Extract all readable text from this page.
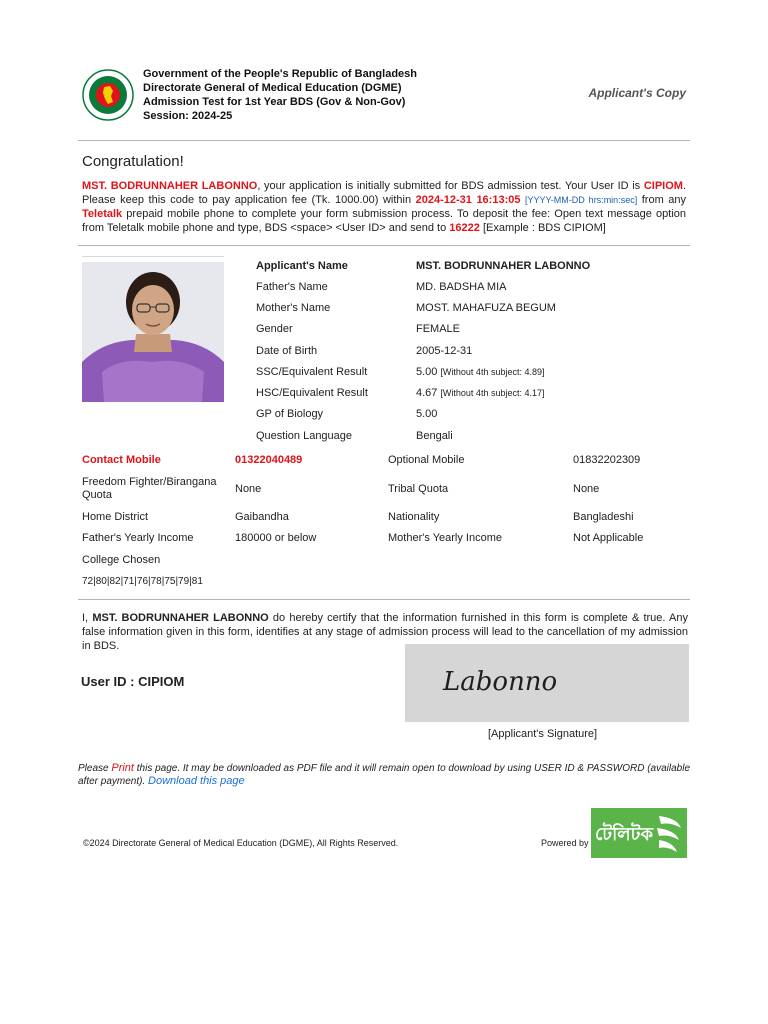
Government of the People's Republic of Bangladesh
Directorate General of Medical Education (DGME)
Admission Test for 1st Year BDS (Gov & Non-Gov)
Session: 2024-25
Applicant's Copy
Congratulation!
MST. BODRUNNAHER LABONNO, your application is initially submitted for BDS admission test. Your User ID is CIPIOM. Please keep this code to pay application fee (Tk. 1000.00) within 2024-12-31 16:13:05 [YYYY-MM-DD hrs:min:sec] from any Teletalk prepaid mobile phone to complete your form submission process. To deposit the fee: Open text message option from Teletalk mobile phone and type, BDS <space> <User ID> and send to 16222 [Example : BDS CIPIOM]
Applicant's Name	MST. BODRUNNAHER LABONNO
Father's Name	MD. BADSHA MIA
Mother's Name	MOST. MAHAFUZA BEGUM
Gender	FEMALE
Date of Birth	2005-12-31
SSC/Equivalent Result	5.00 [Without 4th subject: 4.89]
HSC/Equivalent Result	4.67 [Without 4th subject: 4.17]
GP of Biology	5.00
Question Language	Bengali
Contact Mobile	01322040489	Optional Mobile	01832202309
Freedom Fighter/Birangana Quota	None	Tribal Quota	None
Home District	Gaibandha	Nationality	Bangladeshi
Father's Yearly Income	180000 or below	Mother's Yearly Income	Not Applicable
College Chosen
72|80|82|71|76|78|75|79|81
I, MST. BODRUNNAHER LABONNO do hereby certify that the information furnished in this form is complete & true. Any false information given in this form, identifies at any stage of admission process will lead to the cancellation of my admission in BDS.
User ID : CIPIOM	Labonno
[Applicant's Signature]
Please Print this page. It may be downloaded as PDF file and it will remain open to download by using USER ID & PASSWORD (available after payment). Download this page
©2024 Directorate General of Medical Education (DGME), All Rights Reserved.	Powered by টেলিটক
